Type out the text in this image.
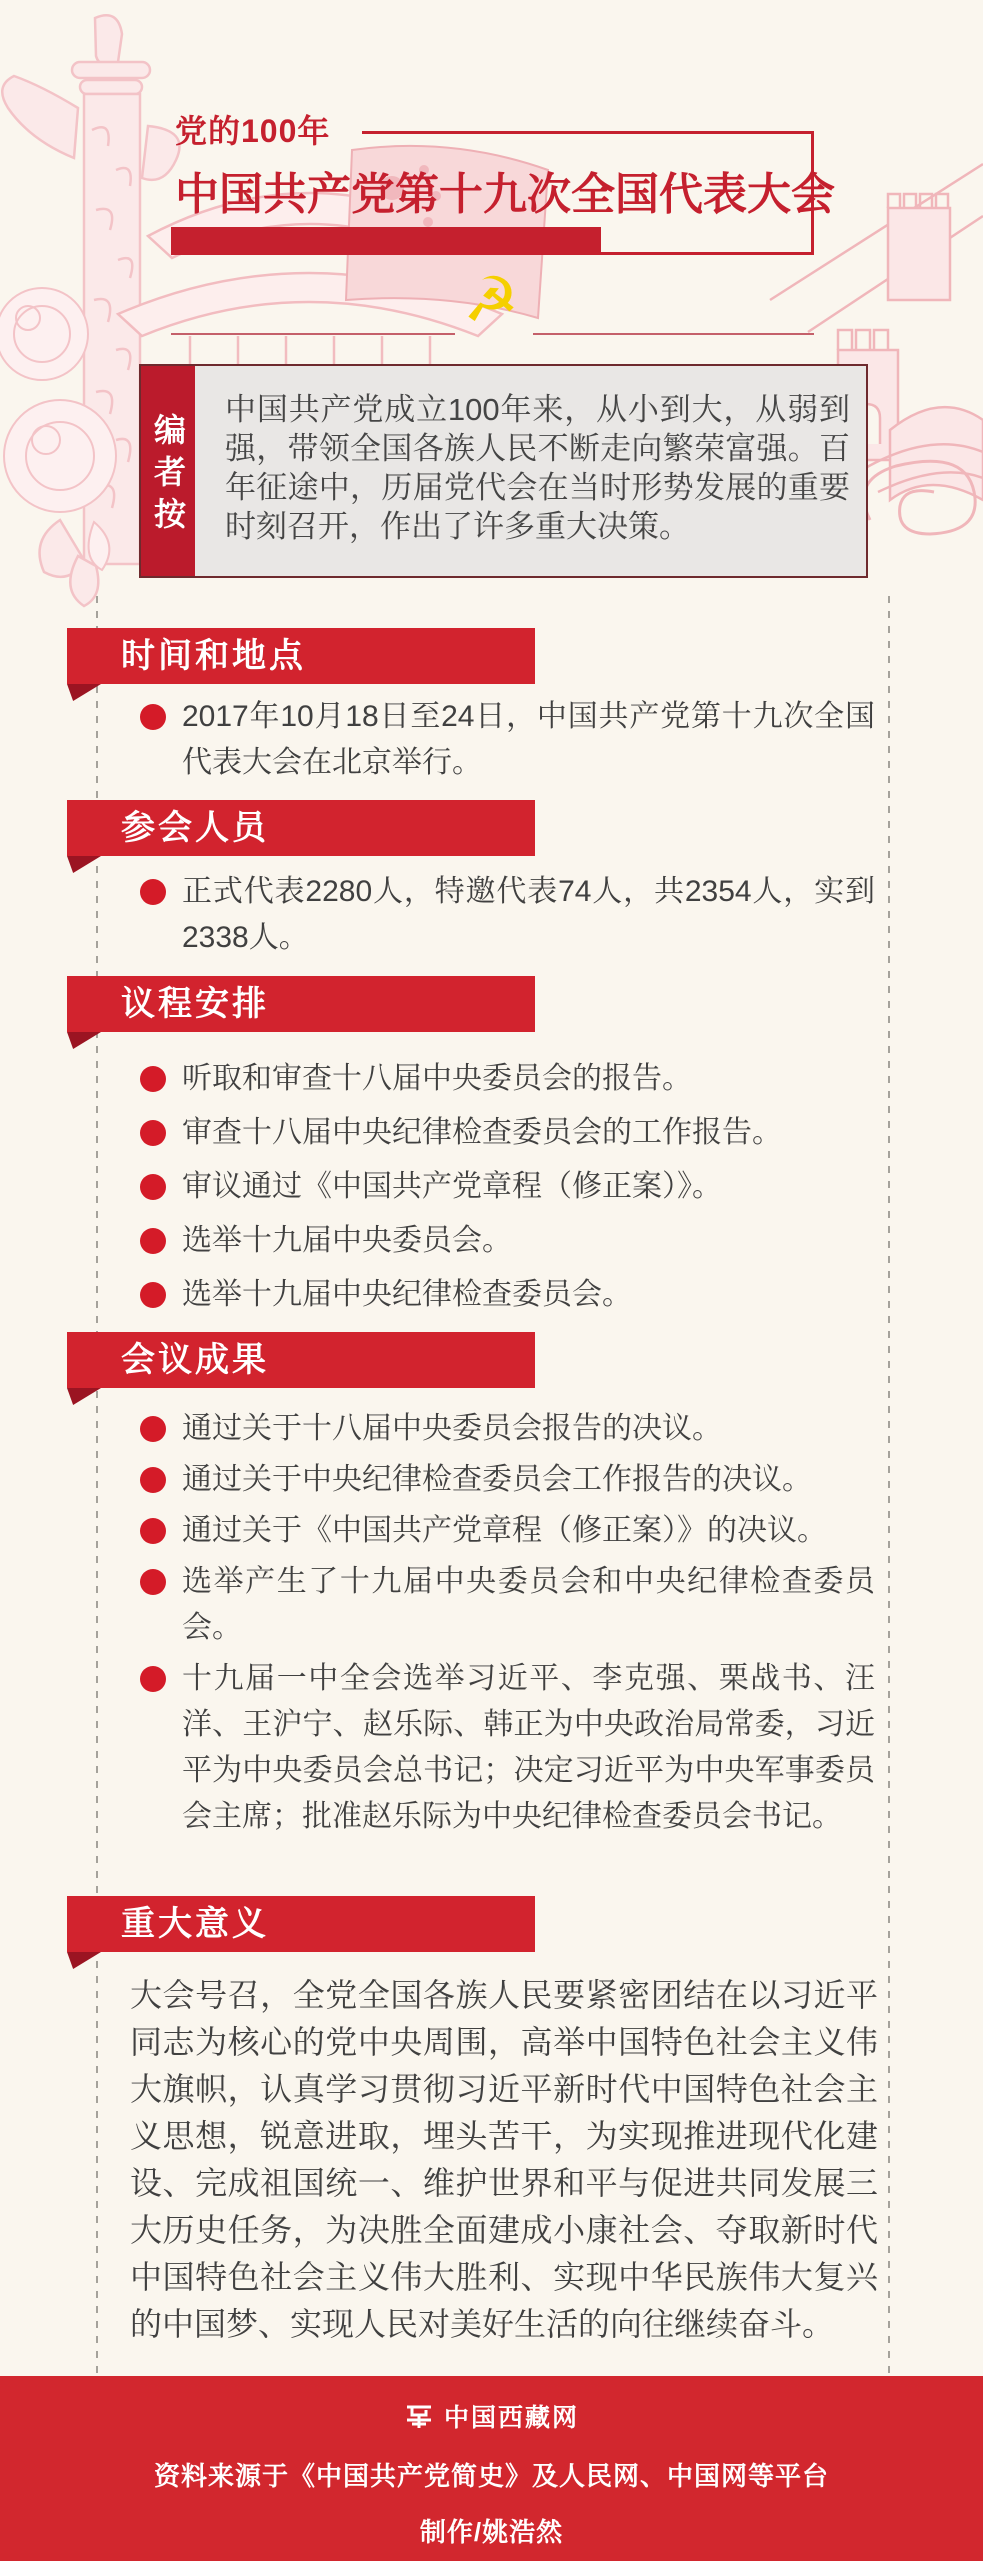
党的100年
中国共产党第十九次全国代表大会
☭
编者按
中国共产党成立100年来，从小到大，从弱到强，带领全国各族人民不断走向繁荣富强。百年征途中，历届党代会在当时形势发展的重要时刻召开，作出了许多重大决策。
时间和地点

2017年10月18日至24日，中国共产党第十九次全国代表大会在北京举行。

参会人员

正式代表2280人，特邀代表74人，共2354人，实到2338人。

议程安排

听取和审查十八届中央委员会的报告。

审查十八届中央纪律检查委员会的工作报告。

审议通过《中国共产党章程（修正案）》。

选举十九届中央委员会。

选举十九届中央纪律检查委员会。

会议成果

通过关于十八届中央委员会报告的决议。

通过关于中央纪律检查委员会工作报告的决议。

通过关于《中国共产党章程（修正案）》的决议。

选举产生了十九届中央委员会和中央纪律检查委员会。

十九届一中全会选举习近平、李克强、栗战书、汪洋、王沪宁、赵乐际、韩正为中央政治局常委，习近平为中央委员会总书记；决定习近平为中央军事委员会主席；批准赵乐际为中央纪律检查委员会书记。

重大意义

大会号召，全党全国各族人民要紧密团结在以习近平同志为核心的党中央周围，高举中国特色社会主义伟大旗帜，认真学习贯彻习近平新时代中国特色社会主义思想，锐意进取，埋头苦干，为实现推进现代化建设、完成祖国统一、维护世界和平与促进共同发展三大历史任务，为决胜全面建成小康社会、夺取新时代中国特色社会主义伟大胜利、实现中华民族伟大复兴的中国梦、实现人民对美好生活的向往继续奋斗。

中国西藏网
资料来源于《中国共产党简史》及人民网、中国网等平台
制作/姚浩然
